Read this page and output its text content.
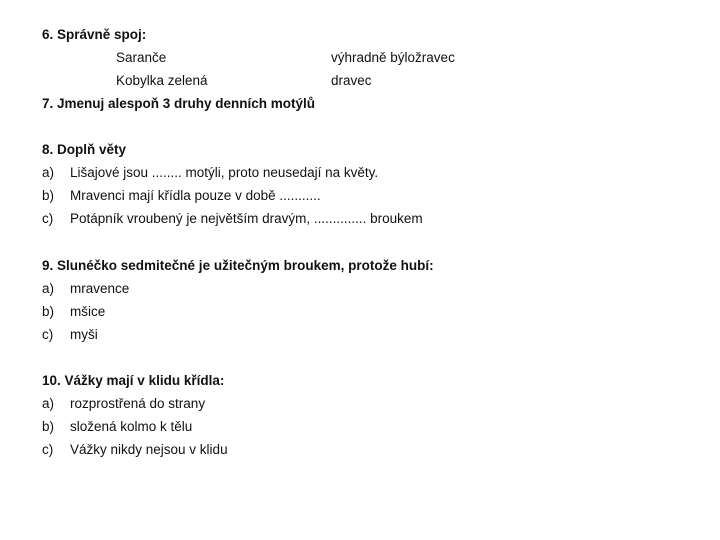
6. Správně spoj:
Saranče	výhradně býložravec
Kobylka zelená	dravec
7. Jmenuj alespoň 3 druhy denních motýlů
8. Doplň věty
a) Lišajové jsou ........ motýli, proto neusedají na květy.
b) Mravenci mají křídla pouze v době ...........
c) Potápník vroubený je největším dravým, .............. broukem
9. Slunéčko sedmitečné je užitečným broukem, protože hubí:
a) mravence
b) mšice
c) myši
10. Vážky mají v klidu křídla:
a) rozprostřená do strany
b) složená kolmo k tělu
c) Vážky nikdy nejsou v klidu
